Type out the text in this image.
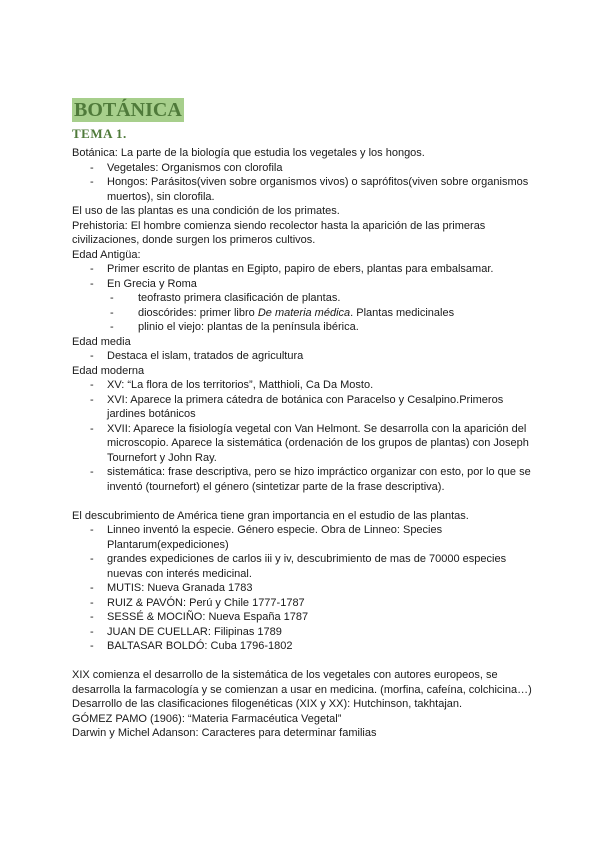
BOTÁNICA
TEMA 1.

Botánica: La parte de la biología que estudia los vegetales y los hongos.

- Vegetales: Organismos con clorofila

- Hongos: Parásitos(viven sobre organismos vivos) o saprófitos(viven sobre organismos muertos), sin clorofila.

El uso de las plantas es una condición de los primates.

Prehistoria: El hombre comienza siendo recolector hasta la aparición de las primeras civilizaciones, donde surgen los primeros cultivos.

Edad Antigüa:

- Primer escrito de plantas en Egipto, papiro de ebers, plantas para embalsamar.

- En Grecia y Roma

- teofrasto primera clasificación de plantas.

- dioscórides: primer libro De materia médica. Plantas medicinales

- plinio el viejo: plantas de la península ibérica.

Edad media

- Destaca el islam, tratados de agricultura

Edad moderna

- XV: “La flora de los territorios”, Matthioli, Ca Da Mosto.

- XVI: Aparece la primera cátedra de botánica con Paracelso y Cesalpino.Primeros jardines botánicos

- XVII: Aparece la fisiología vegetal con Van Helmont. Se desarrolla con la aparición del microscopio. Aparece la sistemática (ordenación de los grupos de plantas) con Joseph Tournefort y John Ray.

- sistemática: frase descriptiva, pero se hizo impráctico organizar con esto, por lo que se inventó (tournefort) el género (sintetizar parte de la frase descriptiva).

El descubrimiento de América tiene gran importancia en el estudio de las plantas.

- Linneo inventó la especie. Género especie. Obra de Linneo: Species Plantarum(expediciones)

- grandes expediciones de carlos iii y iv, descubrimiento de mas de 70000 especies nuevas con interés medicinal.

- MUTIS: Nueva Granada 1783

- RUIZ & PAVÓN: Perú y Chile 1777-1787

- SESSÉ & MOCIÑO: Nueva España 1787

- JUAN DE CUELLAR: Filipinas 1789

- BALTASAR BOLDÓ: Cuba 1796-1802

XIX comienza el desarrollo de la sistemática de los vegetales con autores europeos, se desarrolla la farmacología y se comienzan a usar en medicina. (morfina, cafeína, colchicina…)

Desarrollo de las clasificaciones filogenéticas (XIX y XX): Hutchinson, takhtajan.

GÓMEZ PAMO (1906): “Materia Farmacéutica Vegetal”

Darwin y Michel Adanson: Caracteres para determinar familias
